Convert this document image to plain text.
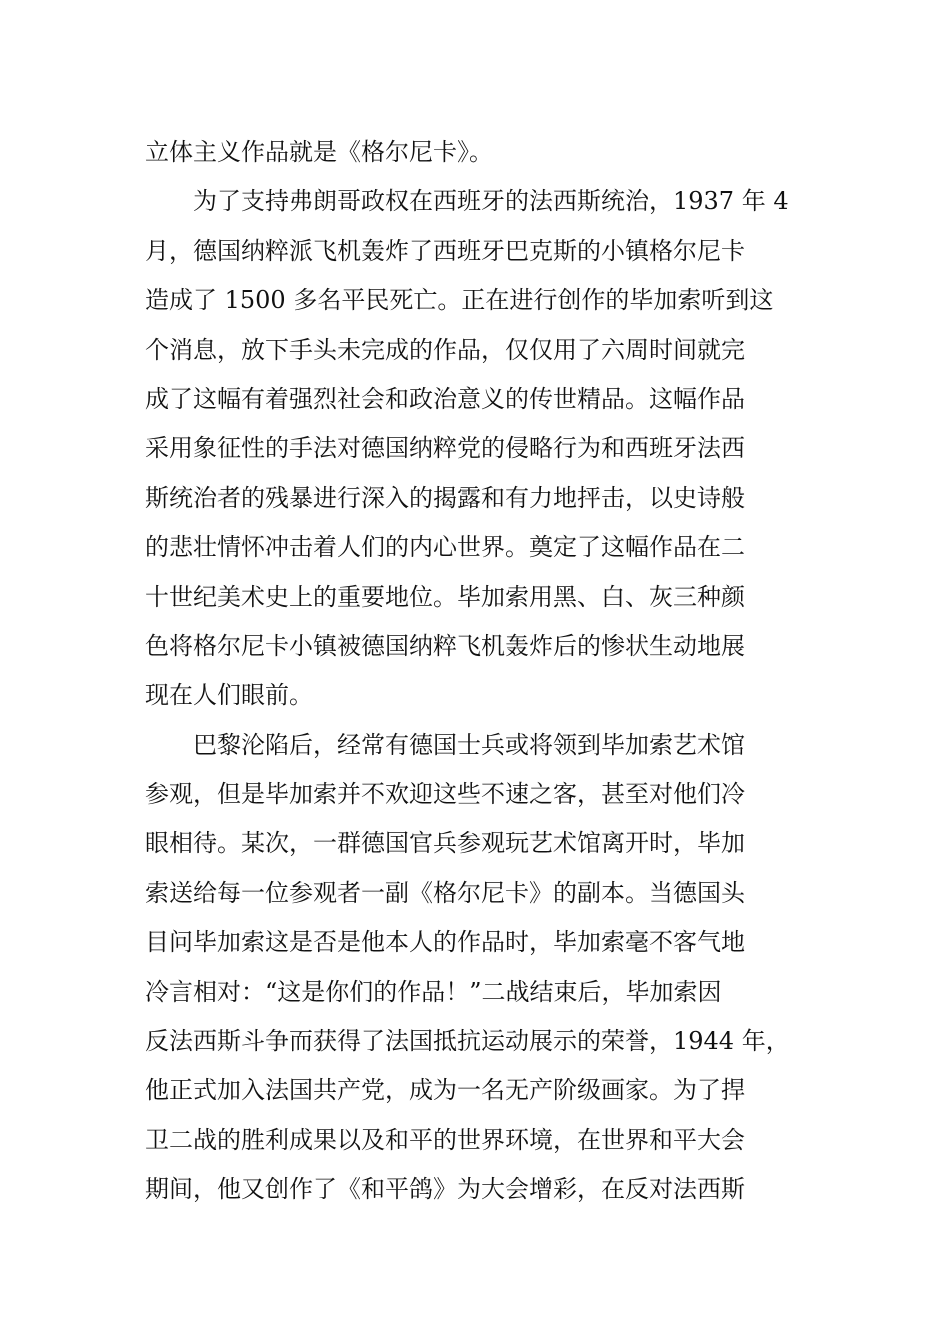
立体主义作品就是《格尔尼卡》。
为了支持弗朗哥政权在西班牙的法西斯统治，1937 年 4
月，德国纳粹派飞机轰炸了西班牙巴克斯的小镇格尔尼卡
造成了 1500 多名平民死亡。正在进行创作的毕加索听到这
个消息，放下手头未完成的作品，仅仅用了六周时间就完
成了这幅有着强烈社会和政治意义的传世精品。这幅作品
采用象征性的手法对德国纳粹党的侵略行为和西班牙法西
斯统治者的残暴进行深入的揭露和有力地抨击，以史诗般
的悲壮情怀冲击着人们的内心世界。奠定了这幅作品在二
十世纪美术史上的重要地位。毕加索用黑、白、灰三种颜
色将格尔尼卡小镇被德国纳粹飞机轰炸后的惨状生动地展
现在人们眼前。
巴黎沦陷后，经常有德国士兵或将领到毕加索艺术馆
参观，但是毕加索并不欢迎这些不速之客，甚至对他们冷
眼相待。某次，一群德国官兵参观玩艺术馆离开时，毕加
索送给每一位参观者一副《格尔尼卡》的副本。当德国头
目问毕加索这是否是他本人的作品时，毕加索毫不客气地
冷言相对：“这是你们的作品！”二战结束后，毕加索因
反法西斯斗争而获得了法国抵抗运动展示的荣誉，1944 年，
他正式加入法国共产党，成为一名无产阶级画家。为了捍
卫二战的胜利成果以及和平的世界环境，在世界和平大会
期间，他又创作了《和平鸽》为大会增彩，在反对法西斯
